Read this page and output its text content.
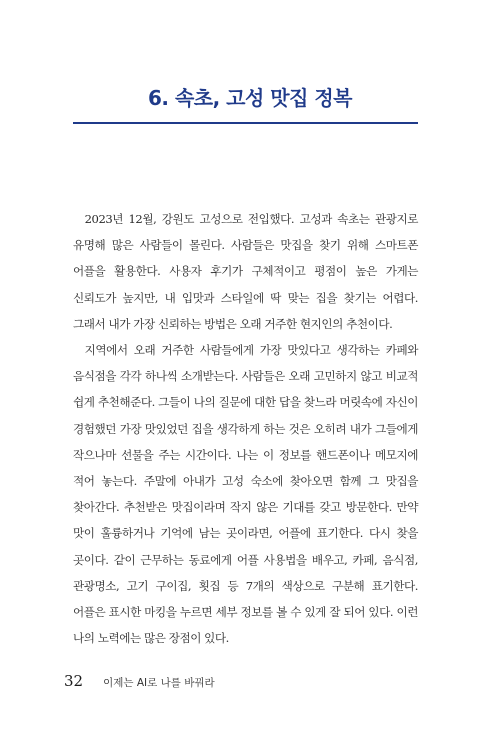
6. 속초, 고성 맛집 정복

2023년 12월, 강원도 고성으로 전입했다. 고성과 속초는 관광지로 유명해 많은 사람들이 몰린다. 사람들은 맛집을 찾기 위해 스마트폰 어플을 활용한다. 사용자 후기가 구체적이고 평점이 높은 가게는 신뢰도가 높지만, 내 입맛과 스타일에 딱 맞는 집을 찾기는 어렵다. 그래서 내가 가장 신뢰하는 방법은 오래 거주한 현지인의 추천이다.

지역에서 오래 거주한 사람들에게 가장 맛있다고 생각하는 카페와 음식점을 각각 하나씩 소개받는다. 사람들은 오래 고민하지 않고 비교적 쉽게 추천해준다. 그들이 나의 질문에 대한 답을 찾느라 머릿속에 자신이 경험했던 가장 맛있었던 집을 생각하게 하는 것은 오히려 내가 그들에게 작으나마 선물을 주는 시간이다. 나는 이 정보를 핸드폰이나 메모지에 적어 놓는다. 주말에 아내가 고성 숙소에 찾아오면 함께 그 맛집을 찾아간다. 추천받은 맛집이라며 작지 않은 기대를 갖고 방문한다. 만약 맛이 훌륭하거나 기억에 남는 곳이라면, 어플에 표기한다. 다시 찾을 곳이다. 같이 근무하는 동료에게 어플 사용법을 배우고, 카페, 음식점, 관광명소, 고기 구이집, 횟집 등 7개의 색상으로 구분해 표기한다. 어플은 표시한 마킹을 누르면 세부 정보를 볼 수 있게 잘 되어 있다. 이런 나의 노력에는 많은 장점이 있다.

32 이제는 AI로 나를 바꿔라
